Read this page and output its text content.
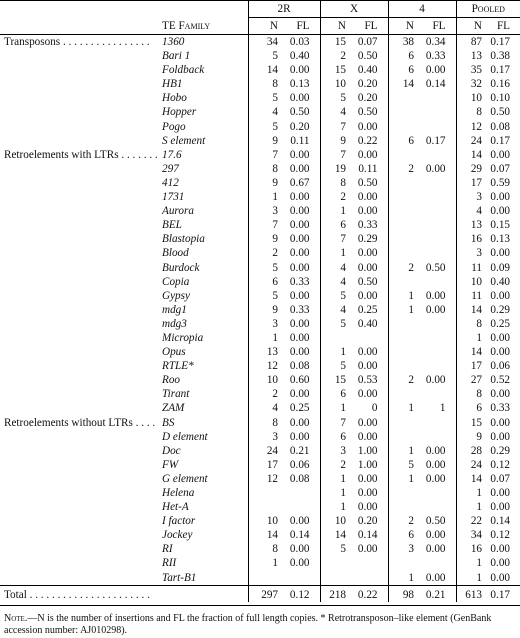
		2R		X		4		Pooled	
	TE Family	N	FL	N	FL	N	FL	N	FL

Transposons . . . . . . . . . . . . . . . .	1360	34	0.03	15	0.07	38	0.34	87	0.17
	Bari 1	5	0.40	2	0.50	6	0.33	13	0.38
	Foldback	14	0.00	15	0.40	6	0.00	35	0.17
	HB1	8	0.13	10	0.20	14	0.14	32	0.16
	Hobo	5	0.00	5	0.20			10	0.10
	Hopper	4	0.50	4	0.50			8	0.50
	Pogo	5	0.20	7	0.00			12	0.08
	S element	9	0.11	9	0.22	6	0.17	24	0.17
Retroelements with LTRs . . . . . . .	17.6	7	0.00	7	0.00			14	0.00
	297	8	0.00	19	0.11	2	0.00	29	0.07
	412	9	0.67	8	0.50			17	0.59
	1731	1	0.00	2	0.00			3	0.00
	Aurora	3	0.00	1	0.00			4	0.00
	BEL	7	0.00	6	0.33			13	0.15
	Blastopia	9	0.00	7	0.29			16	0.13
	Blood	2	0.00	1	0.00			3	0.00
	Burdock	5	0.00	4	0.00	2	0.50	11	0.09
	Copia	6	0.33	4	0.50			10	0.40
	Gypsy	5	0.00	5	0.00	1	0.00	11	0.00
	mdg1	9	0.33	4	0.25	1	0.00	14	0.29
	mdg3	3	0.00	5	0.40			8	0.25
	Micropia	1	0.00					1	0.00
	Opus	13	0.00	1	0.00			14	0.00
	RTLE*	12	0.08	5	0.00			17	0.06
	Roo	10	0.60	15	0.53	2	0.00	27	0.52
	Tirant	2	0.00	6	0.00			8	0.00
	ZAM	4	0.25	1	0	1	1	6	0.33
Retroelements without LTRs . . . .	BS	8	0.00	7	0.00			15	0.00
	D element	3	0.00	6	0.00			9	0.00
	Doc	24	0.21	3	1.00	1	0.00	28	0.29
	FW	17	0.06	2	1.00	5	0.00	24	0.12
	G element	12	0.08	1	0.00	1	0.00	14	0.07
	Helena			1	0.00			1	0.00
	Het-A			1	0.00			1	0.00
	I factor	10	0.00	10	0.20	2	0.50	22	0.14
	Jockey	14	0.14	14	0.14	6	0.00	34	0.12
	RI	8	0.00	5	0.00	3	0.00	16	0.00
	RII	1	0.00					1	0.00
	Tart-B1					1	0.00	1	0.00
Total . . . . . . . . . . . . . . . . . . . . . .		297	0.12	218	0.22	98	0.21	613	0.17

Note.—N is the number of insertions and FL the fraction of full length copies. * Retrotransposon–like element (GenBank accession number: AJ010298).
